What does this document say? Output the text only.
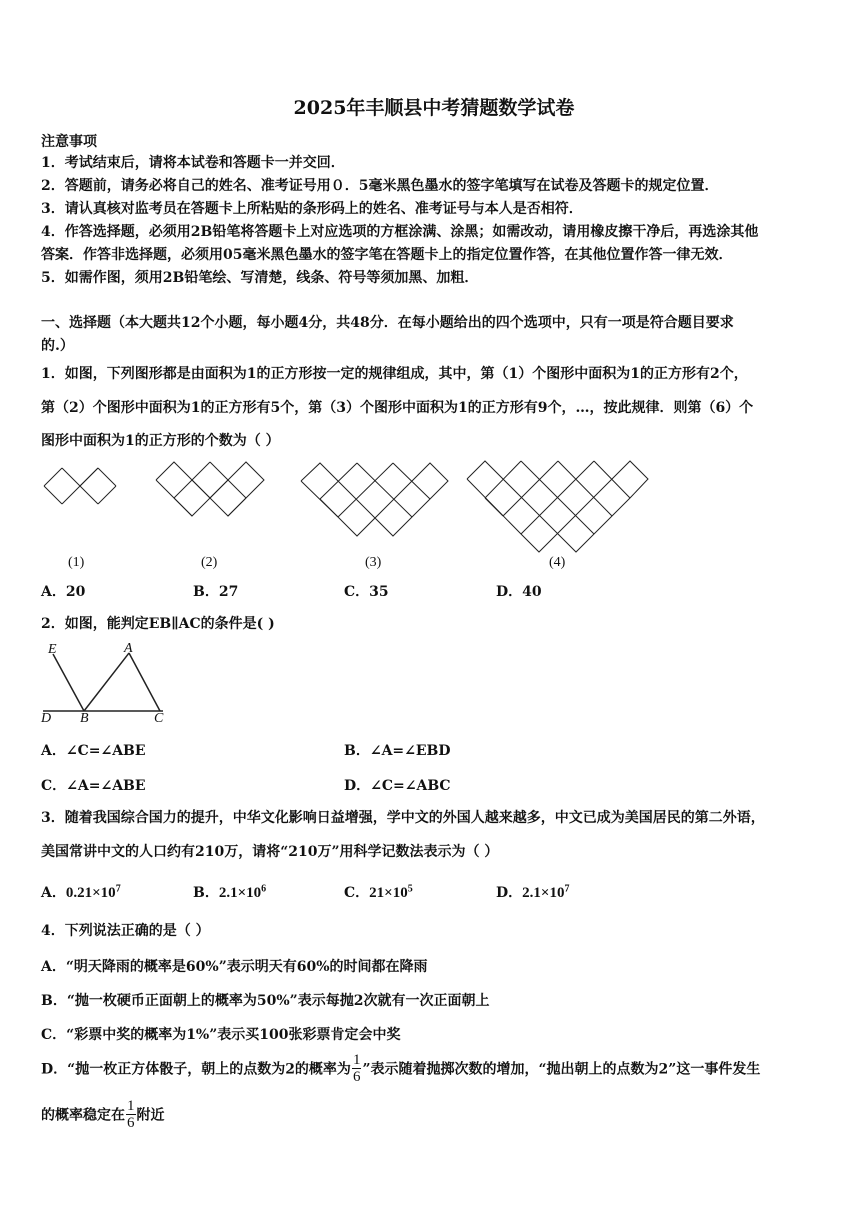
2025年丰顺县中考猜题数学试卷
注意事项
1．考试结束后，请将本试卷和答题卡一并交回．
2．答题前，请务必将自己的姓名、准考证号用０．5毫米黑色墨水的签字笔填写在试卷及答题卡的规定位置．
3．请认真核对监考员在答题卡上所粘贴的条形码上的姓名、准考证号与本人是否相符．
4．作答选择题，必须用2B铅笔将答题卡上对应选项的方框涂满、涂黑；如需改动，请用橡皮擦干净后，再选涂其他
答案．作答非选择题，必须用05毫米黑色墨水的签字笔在答题卡上的指定位置作答，在其他位置作答一律无效．
5．如需作图，须用2B铅笔绘、写清楚，线条、符号等须加黑、加粗．
一、选择题（本大题共12个小题，每小题4分，共48分．在每小题给出的四个选项中，只有一项是符合题目要求
的.）
1．如图，下列图形都是由面积为1的正方形按一定的规律组成，其中，第（1）个图形中面积为1的正方形有2个，
第（2）个图形中面积为1的正方形有5个，第（3）个图形中面积为1的正方形有9个，…，按此规律．则第（6）个
图形中面积为1的正方形的个数为（ ）
(1)	(2)	(3)	(4)
A．20	B．27	C．35	D．40
2．如图，能判定EB∥AC的条件是( )
E	A
D B	C
A．∠C=∠ABE	B．∠A=∠EBD
C．∠A=∠ABE	D．∠C=∠ABC
3．随着我国综合国力的提升，中华文化影响日益增强，学中文的外国人越来越多，中文已成为美国居民的第二外语，
美国常讲中文的人口约有210万，请将“210万”用科学记数法表示为（ ）
A．$0.21\times 10^7$	B．$2.1\times 10^6$	C．$21\times 10^5$	D．$2.1\times 10^7$
4．下列说法正确的是（ ）
A．“明天降雨的概率是60%”表示明天有60%的时间都在降雨
B．“抛一枚硬币正面朝上的概率为50%”表示每抛2次就有一次正面朝上
C．“彩票中奖的概率为1%”表示买100张彩票肯定会中奖
D．“抛一枚正方体骰子，朝上的点数为2的概率为 $\frac{1}{6}$ ”表示随着抛掷次数的增加，“抛出朝上的点数为2”这一事件发生
的概率稳定在 $\frac{1}{6}$ 附近
